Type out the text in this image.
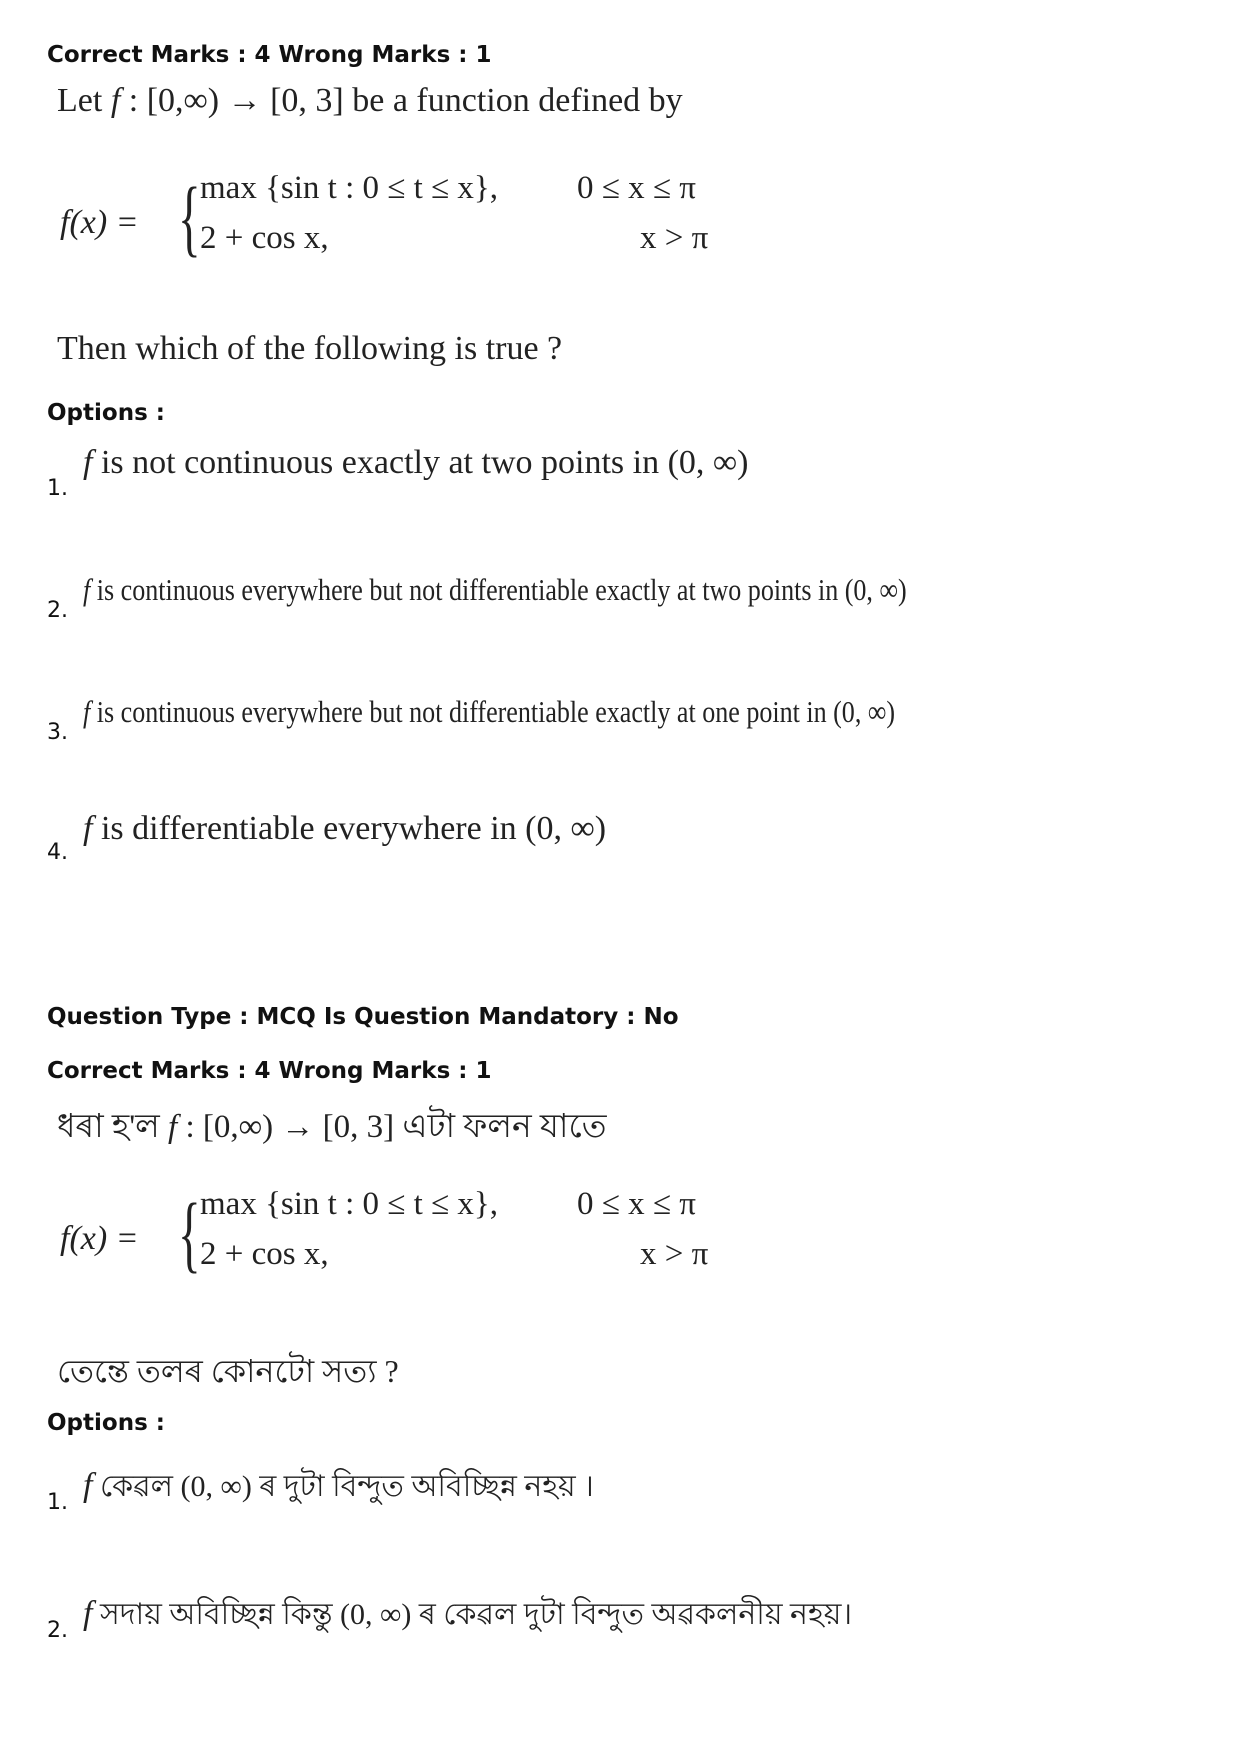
Correct Marks : 4 Wrong Marks : 1
Let f : [0,∞) → [0, 3] be a function defined by
f(x) = { max {sin t : 0 ≤ t ≤ x}, 0 ≤ x ≤ π
2 + cos x,	x > π
Then which of the following is true ?
Options :
1.
f is not continuous exactly at two points in (0, ∞)
2.
f is continuous everywhere but not differentiable exactly at two points in (0, ∞)
3.
f is continuous everywhere but not differentiable exactly at one point in (0, ∞)
4.
f is differentiable everywhere in (0, ∞)
Question Type : MCQ Is Question Mandatory : No
Correct Marks : 4 Wrong Marks : 1
ধৰা হ'ল f : [0,∞) → [0, 3] এটা ফলন যাতে
f(x) = { max {sin t : 0 ≤ t ≤ x}, 0 ≤ x ≤ π
2 + cos x,	x > π
তেন্তে তলৰ কোনটো সত্য ?
Options :
1. f কেৱল (0, ∞) ৰ দুটা বিন্দুত অবিচ্ছিন্ন নহয় ।
2. f সদায় অবিচ্ছিন্ন কিন্তু (0, ∞) ৰ কেৱল দুটা বিন্দুত অৱকলনীয় নহয়।
